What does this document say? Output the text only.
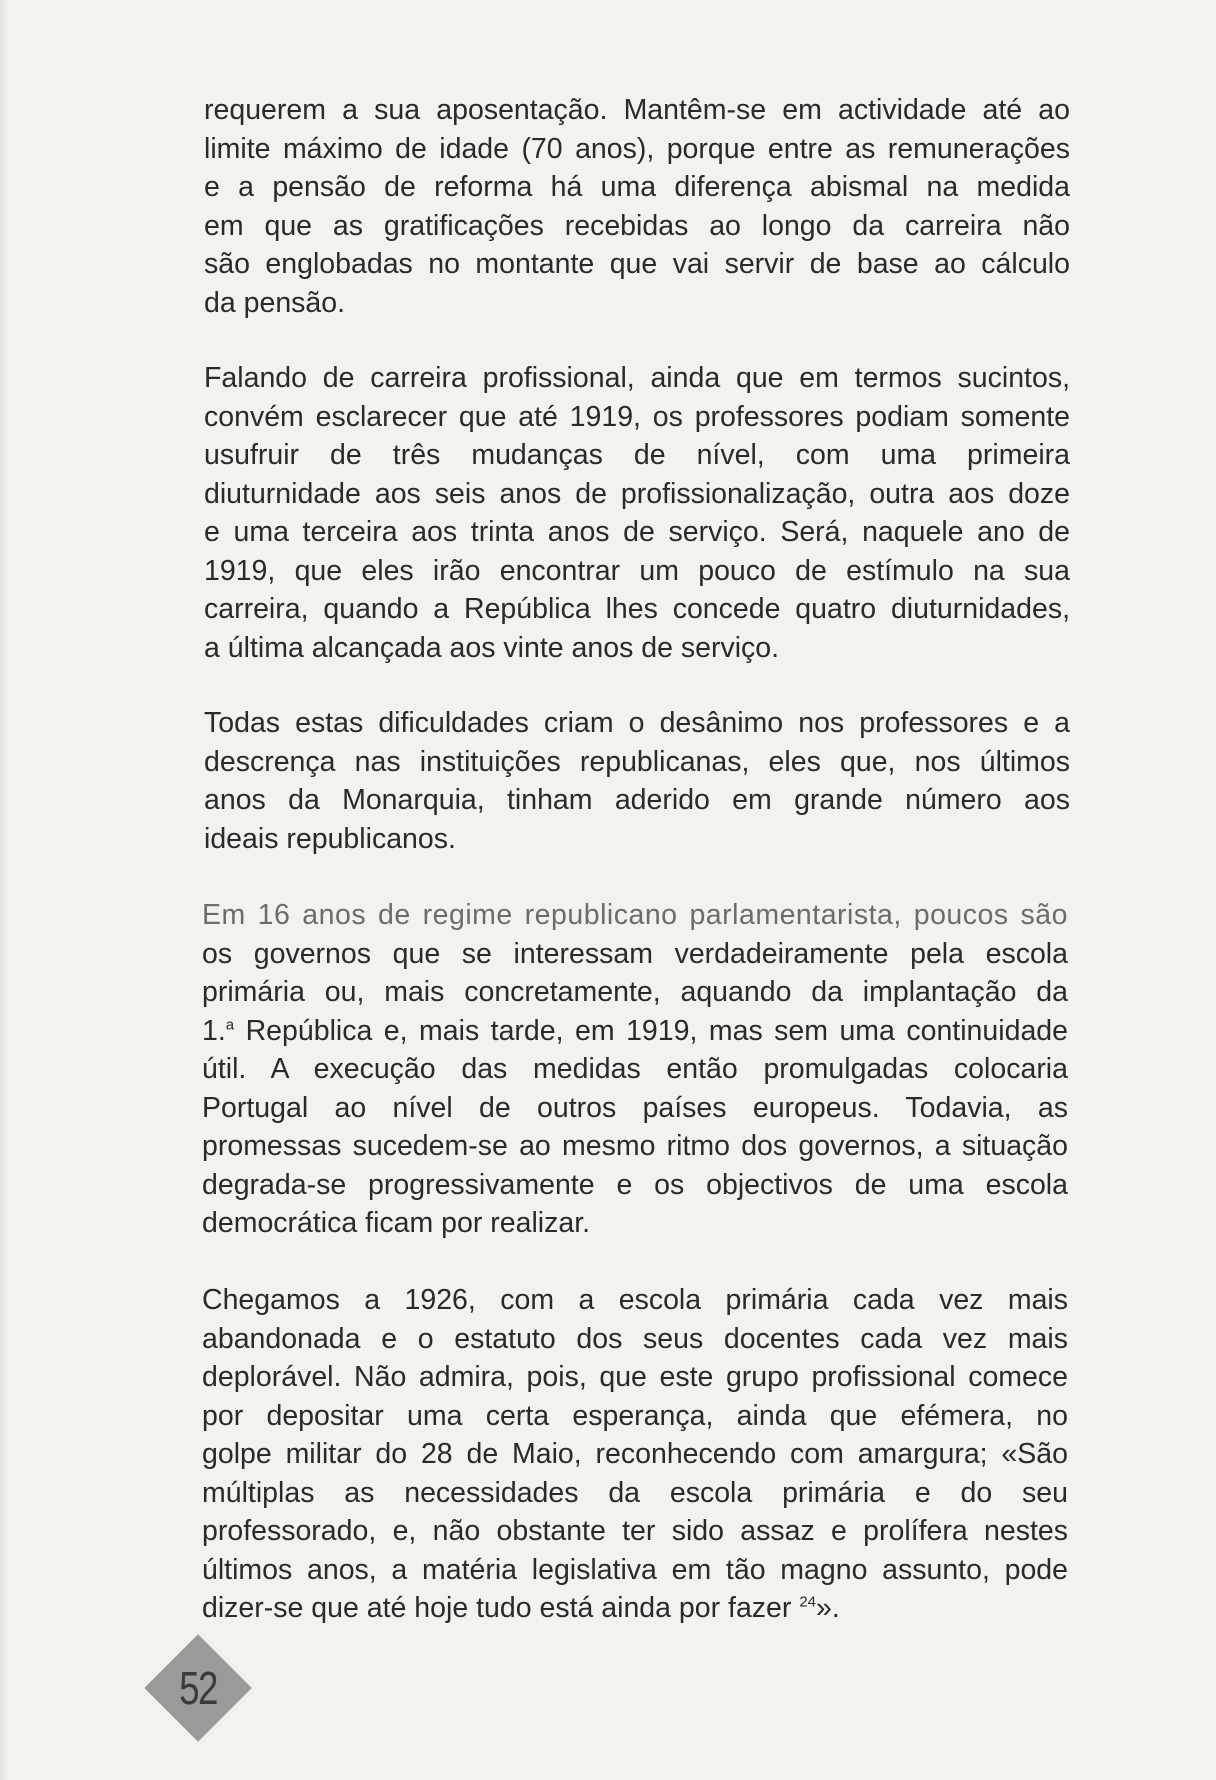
requerem a sua aposentação. Mantêm-se em actividade até ao
limite máximo de idade (70 anos), porque entre as remunerações
e a pensão de reforma há uma diferença abismal na medida
em que as gratificações recebidas ao longo da carreira não
são englobadas no montante que vai servir de base ao cálculo
da pensão.
Falando de carreira profissional, ainda que em termos sucintos,
convém esclarecer que até 1919, os professores podiam somente
usufruir de três mudanças de nível, com uma primeira
diuturnidade aos seis anos de profissionalização, outra aos doze
e uma terceira aos trinta anos de serviço. Será, naquele ano de
1919, que eles irão encontrar um pouco de estímulo na sua
carreira, quando a República lhes concede quatro diuturnidades,
a última alcançada aos vinte anos de serviço.
Todas estas dificuldades criam o desânimo nos professores e a
descrença nas instituições republicanas, eles que, nos últimos
anos da Monarquia, tinham aderido em grande número aos
ideais republicanos.
Em 16 anos de regime republicano parlamentarista, poucos são
os governos que se interessam verdadeiramente pela escola
primária ou, mais concretamente, aquando da implantação da
1.$^a$ República e, mais tarde, em 1919, mas sem uma continuidade
útil. A execução das medidas então promulgadas colocaria
Portugal ao nível de outros países europeus. Todavia, as
promessas sucedem-se ao mesmo ritmo dos governos, a situação
degrada-se progressivamente e os objectivos de uma escola
democrática ficam por realizar.
Chegamos a 1926, com a escola primária cada vez mais
abandonada e o estatuto dos seus docentes cada vez mais
deplorável. Não admira, pois, que este grupo profissional comece
por depositar uma certa esperança, ainda que efémera, no
golpe militar do 28 de Maio, reconhecendo com amargura; «São
múltiplas as necessidades da escola primária e do seu
professorado, e, não obstante ter sido assaz e prolífera nestes
últimos anos, a matéria legislativa em tão magno assunto, pode
dizer-se que até hoje tudo está ainda por fazer $^{24}$».
52
